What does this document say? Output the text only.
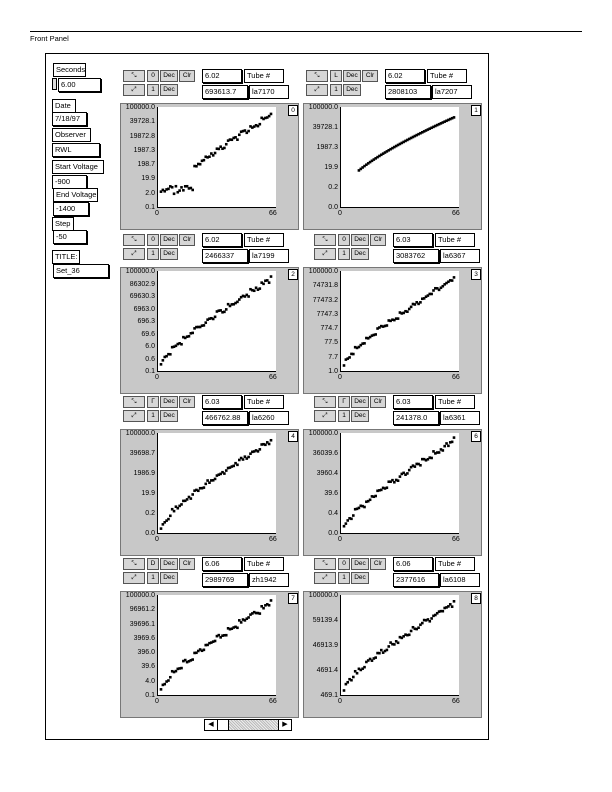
Front Panel
Seconds
6.00
Date
7/18/97
Observer
RWL
Start Voltage
-900
End Voltage
-1400
Step
-50
TITLE:
Set_36
⤡
⤢
0	Dec	Clr
1	Dec
6.02	Tube #
693613.7	la7170
0
100000.0
39728.1
19872.8
1987.3
198.7
19.9
2.0
0.1
0	66
⤡
⤢
L	Dec	Clr
1	Dec
6.02	Tube #
2808103	la7207
1
100000.0
39728.1
1987.3
19.9
0.2
0.0
0	66
⤡
⤢
0	Dec	Clr
1	Dec
6.02	Tube #
2466337	la7199
2
100000.0
86302.9
69630.3
6963.0
696.3
69.6
6.0
0.6
0.1
0	66
⤡
⤢
0	Dec	Clr
1	Dec
6.03	Tube #
3083762	la6367
3
100000.0
74731.8
77473.2
7747.3
774.7
77.5
7.7
1.0
0	66
⤡
⤢
Γ	Dec	Clr
1	Dec
6.03	Tube #
466762.88	la6260
4
100000.0
39698.7
1986.9
19.9
0.2
0.0
0	66
⤡
⤢
Γ	Dec	Clr
1	Dec
6.03	Tube #
241378.0	la6361
6
100000.0
36039.6
3960.4
39.6
0.4
0.0
0	66
⤡
⤢
D	Dec	Clr
1	Dec
6.06	Tube #
2989769	zh1942
7
100000.0
96961.2
39696.1
3969.6
396.0
39.6
4.0
0.1
0	66
⤡
⤢
0	Dec	Clr
1	Dec
6.06	Tube #
2377616	la6108
8
100000.0
59139.4
46913.9
4691.4
469.1
0	66
◀	▶
